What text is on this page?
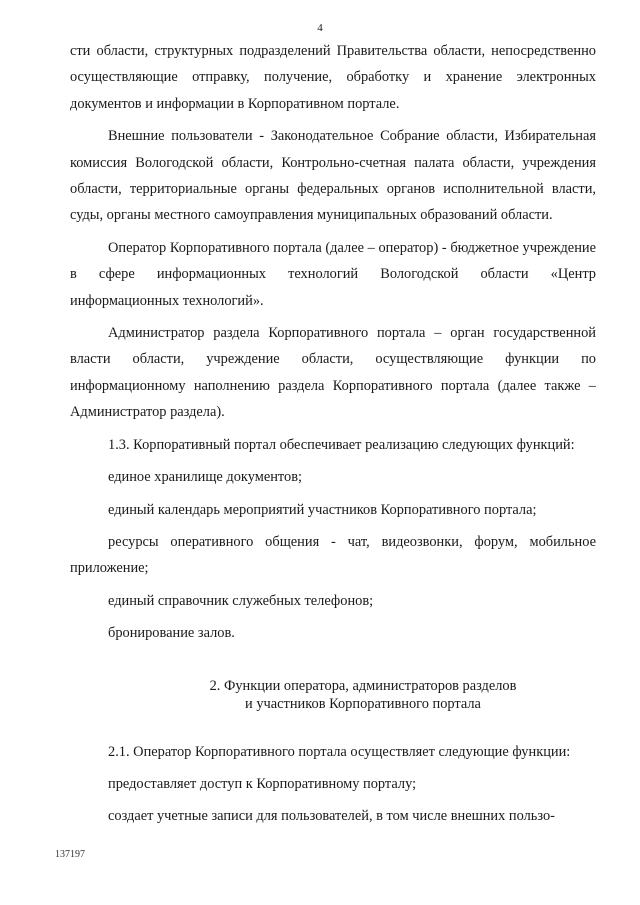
4

сти области, структурных подразделений Правительства области, непосредственно осуществляющие отправку, получение, обработку и хранение электронных документов и информации в Корпоративном портале.

Внешние пользователи - Законодательное Собрание области, Избирательная комиссия Вологодской области, Контрольно-счетная палата области, учреждения области, территориальные органы федеральных органов исполнительной власти, суды, органы местного самоуправления муниципальных образований области.

Оператор Корпоративного портала (далее – оператор) - бюджетное учреждение в сфере информационных технологий Вологодской области «Центр информационных технологий».

Администратор раздела Корпоративного портала – орган государственной власти области, учреждение области, осуществляющие функции по информационному наполнению раздела Корпоративного портала (далее также – Администратор раздела).

1.3. Корпоративный портал обеспечивает реализацию следующих функций:

единое хранилище документов;

единый календарь мероприятий участников Корпоративного портала;

ресурсы оперативного общения - чат, видеозвонки, форум, мобильное приложение;

единый справочник служебных телефонов;

бронирование залов.

2. Функции оператора, администраторов разделов
и участников Корпоративного портала

2.1. Оператор Корпоративного портала осуществляет следующие функции:

предоставляет доступ к Корпоративному порталу;

создает учетные записи для пользователей, в том числе внешних пользо-

137197
